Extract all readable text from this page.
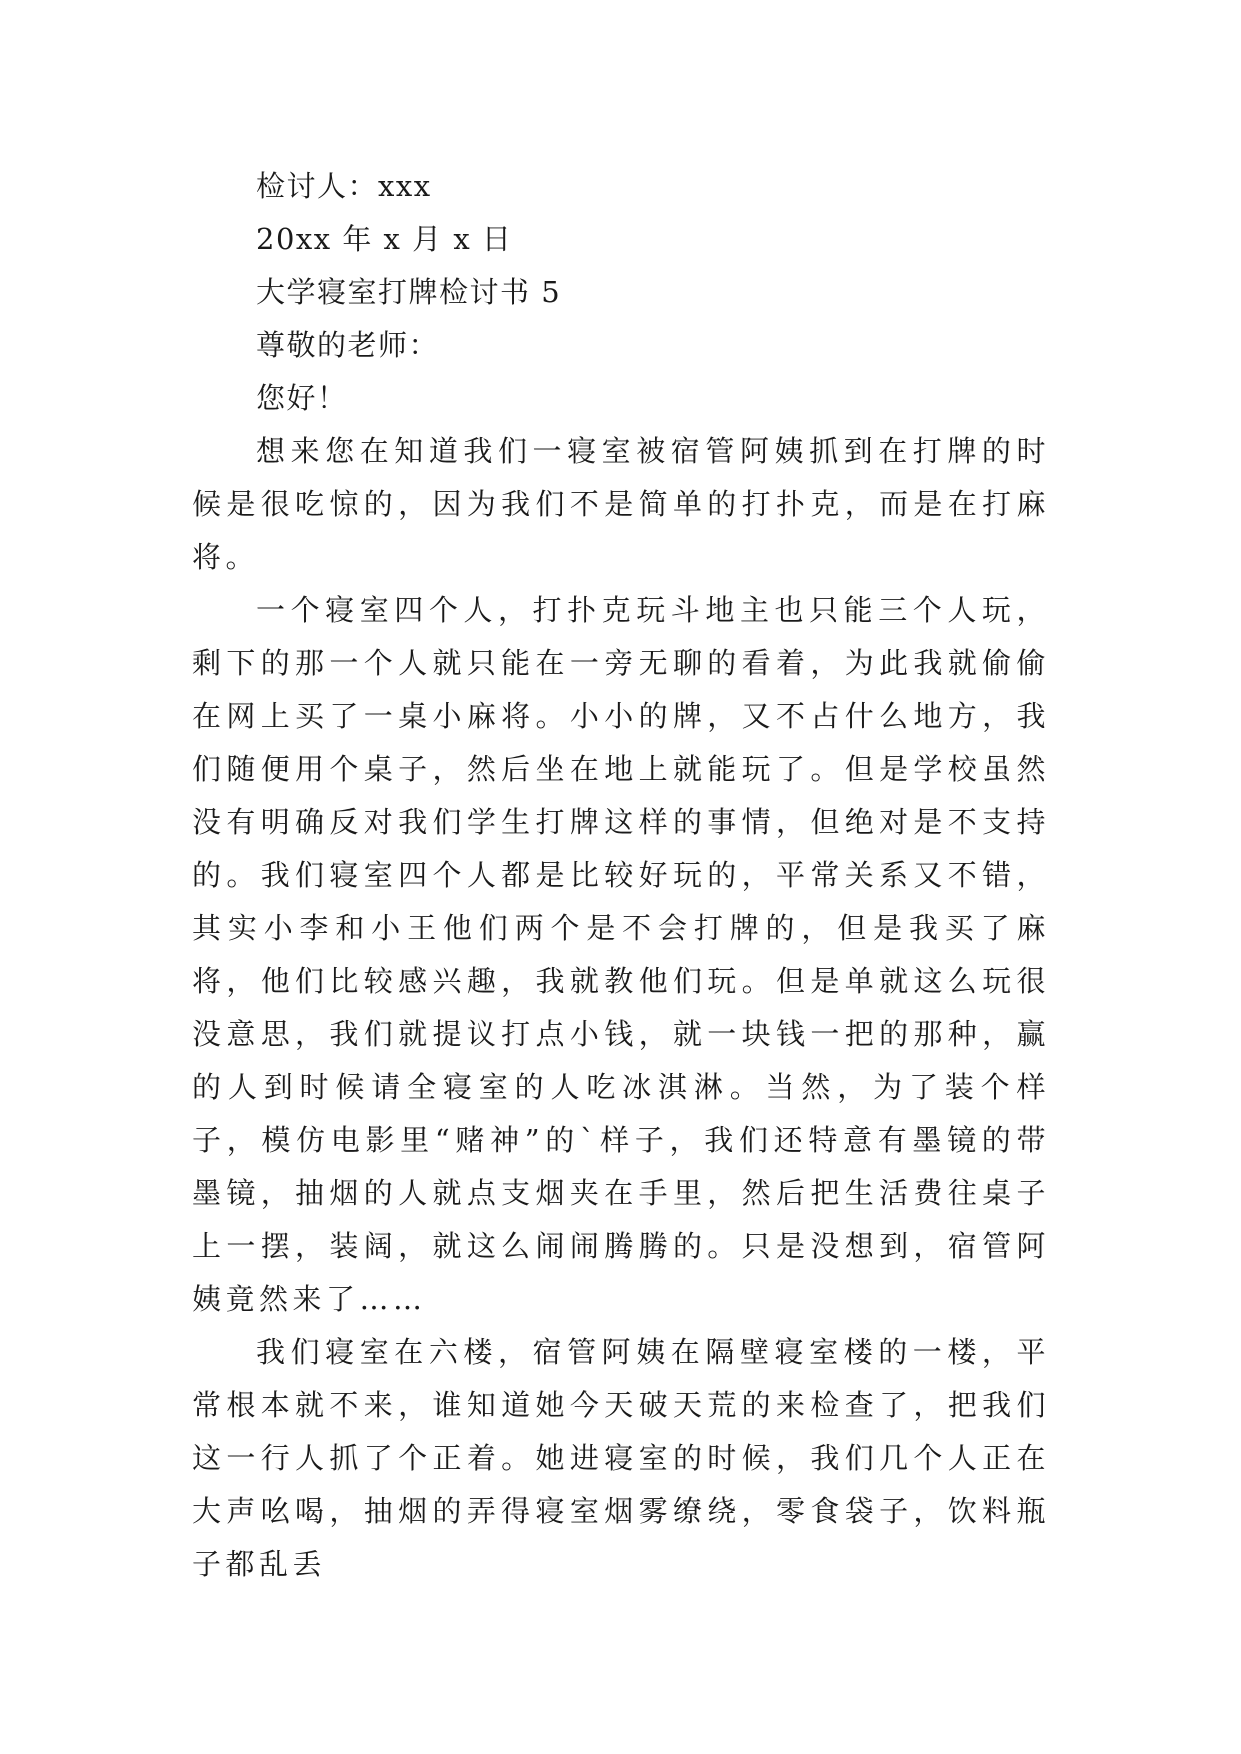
检讨人：xxx

20xx 年 x 月 x 日

大学寝室打牌检讨书 5

尊敬的老师：

您好！

想来您在知道我们一寝室被宿管阿姨抓到在打牌的时候是很吃惊的，因为我们不是简单的打扑克，而是在打麻将。

一个寝室四个人，打扑克玩斗地主也只能三个人玩，剩下的那一个人就只能在一旁无聊的看着，为此我就偷偷在网上买了一桌小麻将。小小的牌，又不占什么地方，我们随便用个桌子，然后坐在地上就能玩了。但是学校虽然没有明确反对我们学生打牌这样的事情，但绝对是不支持的。我们寝室四个人都是比较好玩的，平常关系又不错，其实小李和小王他们两个是不会打牌的，但是我买了麻将，他们比较感兴趣，我就教他们玩。但是单就这么玩很没意思，我们就提议打点小钱，就一块钱一把的那种，赢的人到时候请全寝室的人吃冰淇淋。当然，为了装个样子，模仿电影里“赌神”的`样子，我们还特意有墨镜的带墨镜，抽烟的人就点支烟夹在手里，然后把生活费往桌子上一摆，装阔，就这么闹闹腾腾的。只是没想到，宿管阿姨竟然来了……

我们寝室在六楼，宿管阿姨在隔壁寝室楼的一楼，平常根本就不来，谁知道她今天破天荒的来检查了，把我们这一行人抓了个正着。她进寝室的时候，我们几个人正在大声吆喝，抽烟的弄得寝室烟雾缭绕，零食袋子，饮料瓶子都乱丢
